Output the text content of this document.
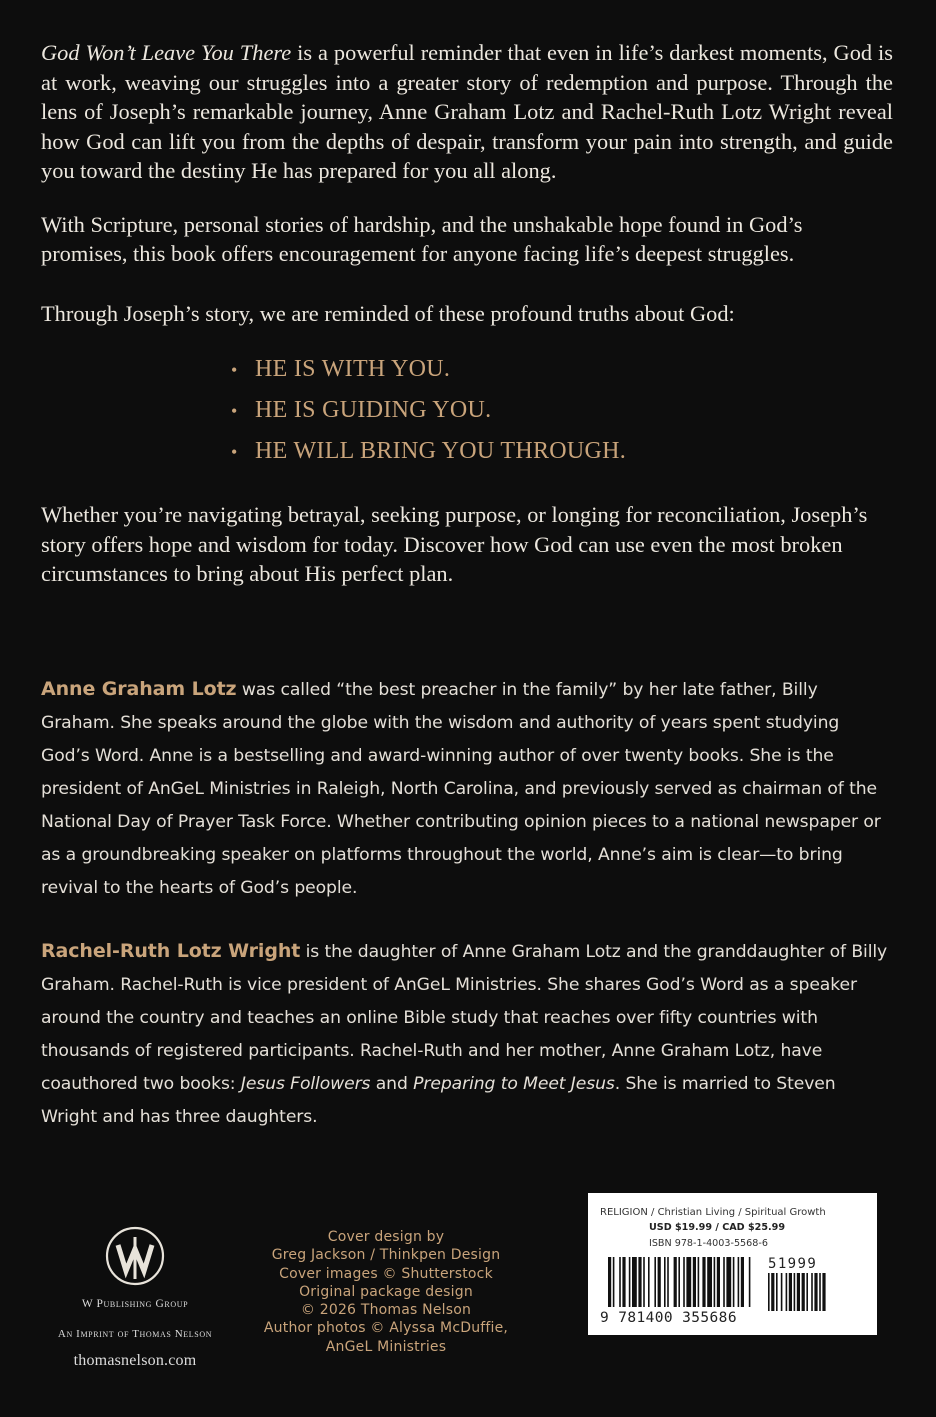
God Won’t Leave You There is a powerful reminder that even in life’s darkest moments, God is at work, weaving our struggles into a greater story of redemption and purpose. Through the lens of Joseph’s remarkable journey, Anne Graham Lotz and Rachel-Ruth Lotz Wright reveal how God can lift you from the depths of despair, transform your pain into strength, and guide you toward the destiny He has prepared for you all along.

With Scripture, personal stories of hardship, and the unshakable hope found in God’s promises, this book offers encouragement for anyone facing life’s deepest struggles.

Through Joseph’s story, we are reminded of these profound truths about God:

• HE IS WITH YOU.
• HE IS GUIDING YOU.
• HE WILL BRING YOU THROUGH.

Whether you’re navigating betrayal, seeking purpose, or longing for reconciliation, Joseph’s story offers hope and wisdom for today. Discover how God can use even the most broken circumstances to bring about His perfect plan.

Anne Graham Lotz was called “the best preacher in the family” by her late father, Billy Graham. She speaks around the globe with the wisdom and authority of years spent studying God’s Word. Anne is a bestselling and award-winning author of over twenty books. She is the president of AnGeL Ministries in Raleigh, North Carolina, and previously served as chairman of the National Day of Prayer Task Force. Whether contributing opinion pieces to a national newspaper or as a groundbreaking speaker on platforms throughout the world, Anne’s aim is clear—to bring revival to the hearts of God’s people.

Rachel-Ruth Lotz Wright is the daughter of Anne Graham Lotz and the granddaughter of Billy Graham. Rachel-Ruth is vice president of AnGeL Ministries. She shares God’s Word as a speaker around the country and teaches an online Bible study that reaches over fifty countries with thousands of registered participants. Rachel-Ruth and her mother, Anne Graham Lotz, have coauthored two books: Jesus Followers and Preparing to Meet Jesus. She is married to Steven Wright and has three daughters.

W Publishing Group

An Imprint of Thomas Nelson

thomasnelson.com

Cover design by
Greg Jackson / Thinkpen Design
Cover images © Shutterstock
Original package design
© 2026 Thomas Nelson
Author photos © Alyssa McDuffie,
AnGeL Ministries
RELIGION / Christian Living / Spiritual Growth
USD $19.99 / CAD $25.99
ISBN 978-1-4003-5568-6
51999
9 781400 355686
